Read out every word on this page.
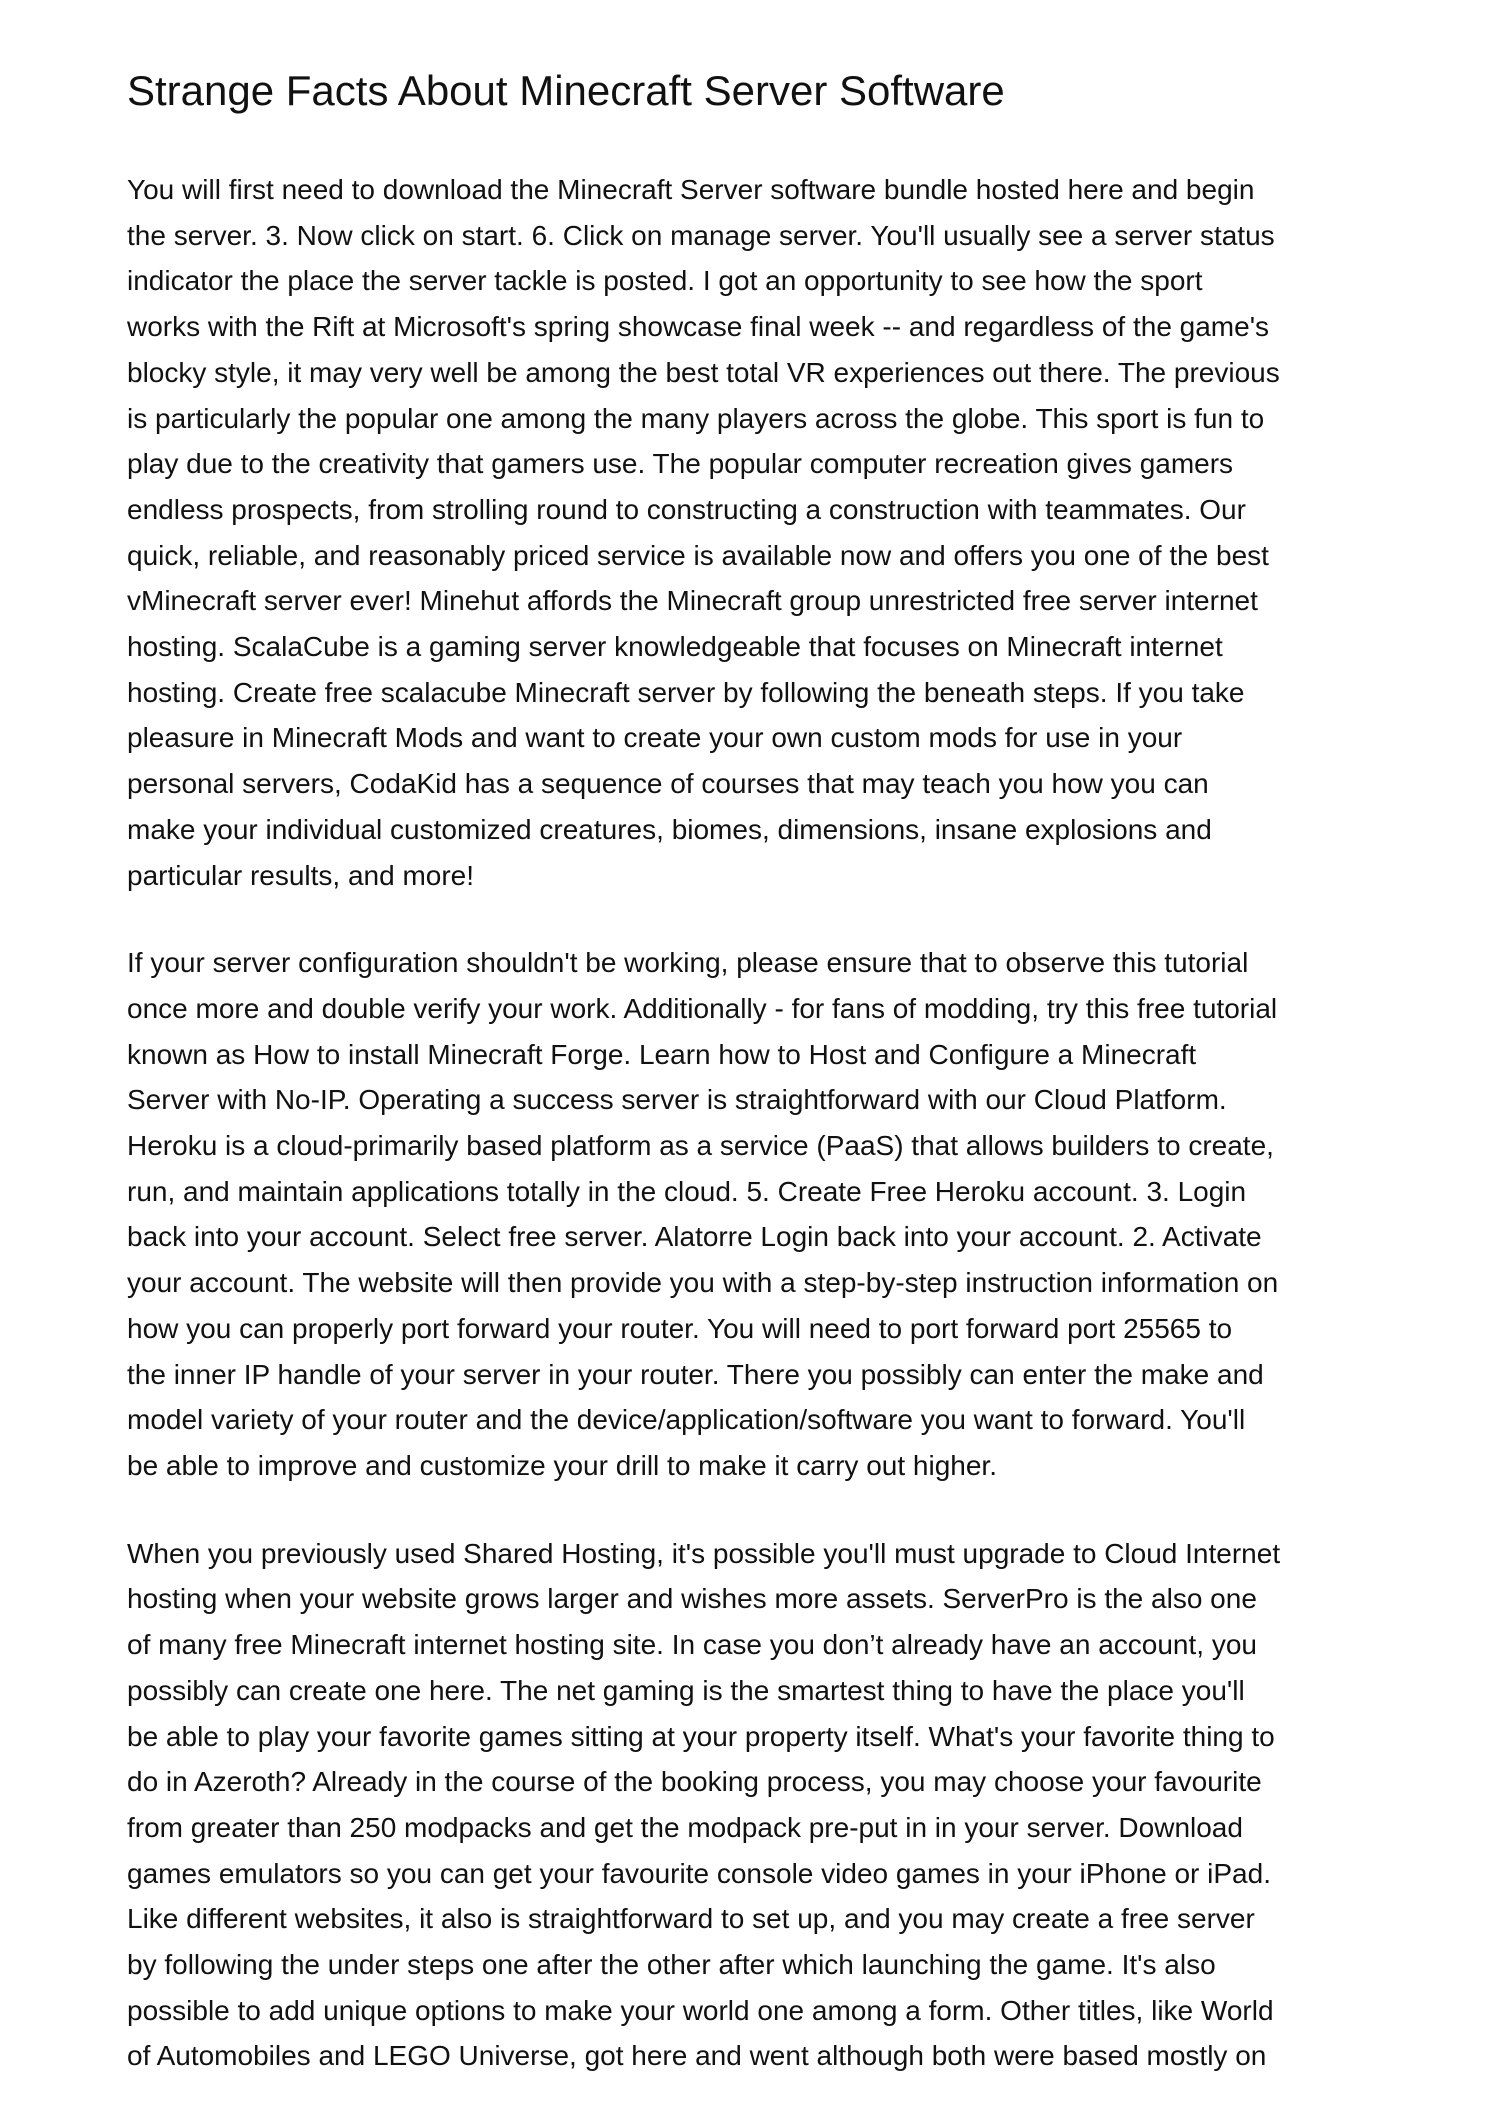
Strange Facts About Minecraft Server Software

You will first need to download the Minecraft Server software bundle hosted here and begin
the server. 3. Now click on start. 6. Click on manage server. You'll usually see a server status
indicator the place the server tackle is posted. I got an opportunity to see how the sport
works with the Rift at Microsoft's spring showcase final week -- and regardless of the game's
blocky style, it may very well be among the best total VR experiences out there. The previous
is particularly the popular one among the many players across the globe. This sport is fun to
play due to the creativity that gamers use. The popular computer recreation gives gamers
endless prospects, from strolling round to constructing a construction with teammates. Our
quick, reliable, and reasonably priced service is available now and offers you one of the best
vMinecraft server ever! Minehut affords the Minecraft group unrestricted free server internet
hosting. ScalaCube is a gaming server knowledgeable that focuses on Minecraft internet
hosting. Create free scalacube Minecraft server by following the beneath steps. If you take
pleasure in Minecraft Mods and want to create your own custom mods for use in your
personal servers, CodaKid has a sequence of courses that may teach you how you can
make your individual customized creatures, biomes, dimensions, insane explosions and
particular results, and more!

If your server configuration shouldn't be working, please ensure that to observe this tutorial
once more and double verify your work. Additionally - for fans of modding, try this free tutorial
known as How to install Minecraft Forge. Learn how to Host and Configure a Minecraft
Server with No-IP. Operating a success server is straightforward with our Cloud Platform.
Heroku is a cloud-primarily based platform as a service (PaaS) that allows builders to create,
run, and maintain applications totally in the cloud. 5. Create Free Heroku account. 3. Login
back into your account. Select free server. Alatorre Login back into your account. 2. Activate
your account. The website will then provide you with a step-by-step instruction information on
how you can properly port forward your router. You will need to port forward port 25565 to
the inner IP handle of your server in your router. There you possibly can enter the make and
model variety of your router and the device/application/software you want to forward. You'll
be able to improve and customize your drill to make it carry out higher.

When you previously used Shared Hosting, it's possible you'll must upgrade to Cloud Internet
hosting when your website grows larger and wishes more assets. ServerPro is the also one
of many free Minecraft internet hosting site. In case you don’t already have an account, you
possibly can create one here. The net gaming is the smartest thing to have the place you'll
be able to play your favorite games sitting at your property itself. What's your favorite thing to
do in Azeroth? Already in the course of the booking process, you may choose your favourite
from greater than 250 modpacks and get the modpack pre-put in in your server. Download
games emulators so you can get your favourite console video games in your iPhone or iPad.
Like different websites, it also is straightforward to set up, and you may create a free server
by following the under steps one after the other after which launching the game. It's also
possible to add unique options to make your world one among a form. Other titles, like World
of Automobiles and LEGO Universe, got here and went although both were based mostly on
